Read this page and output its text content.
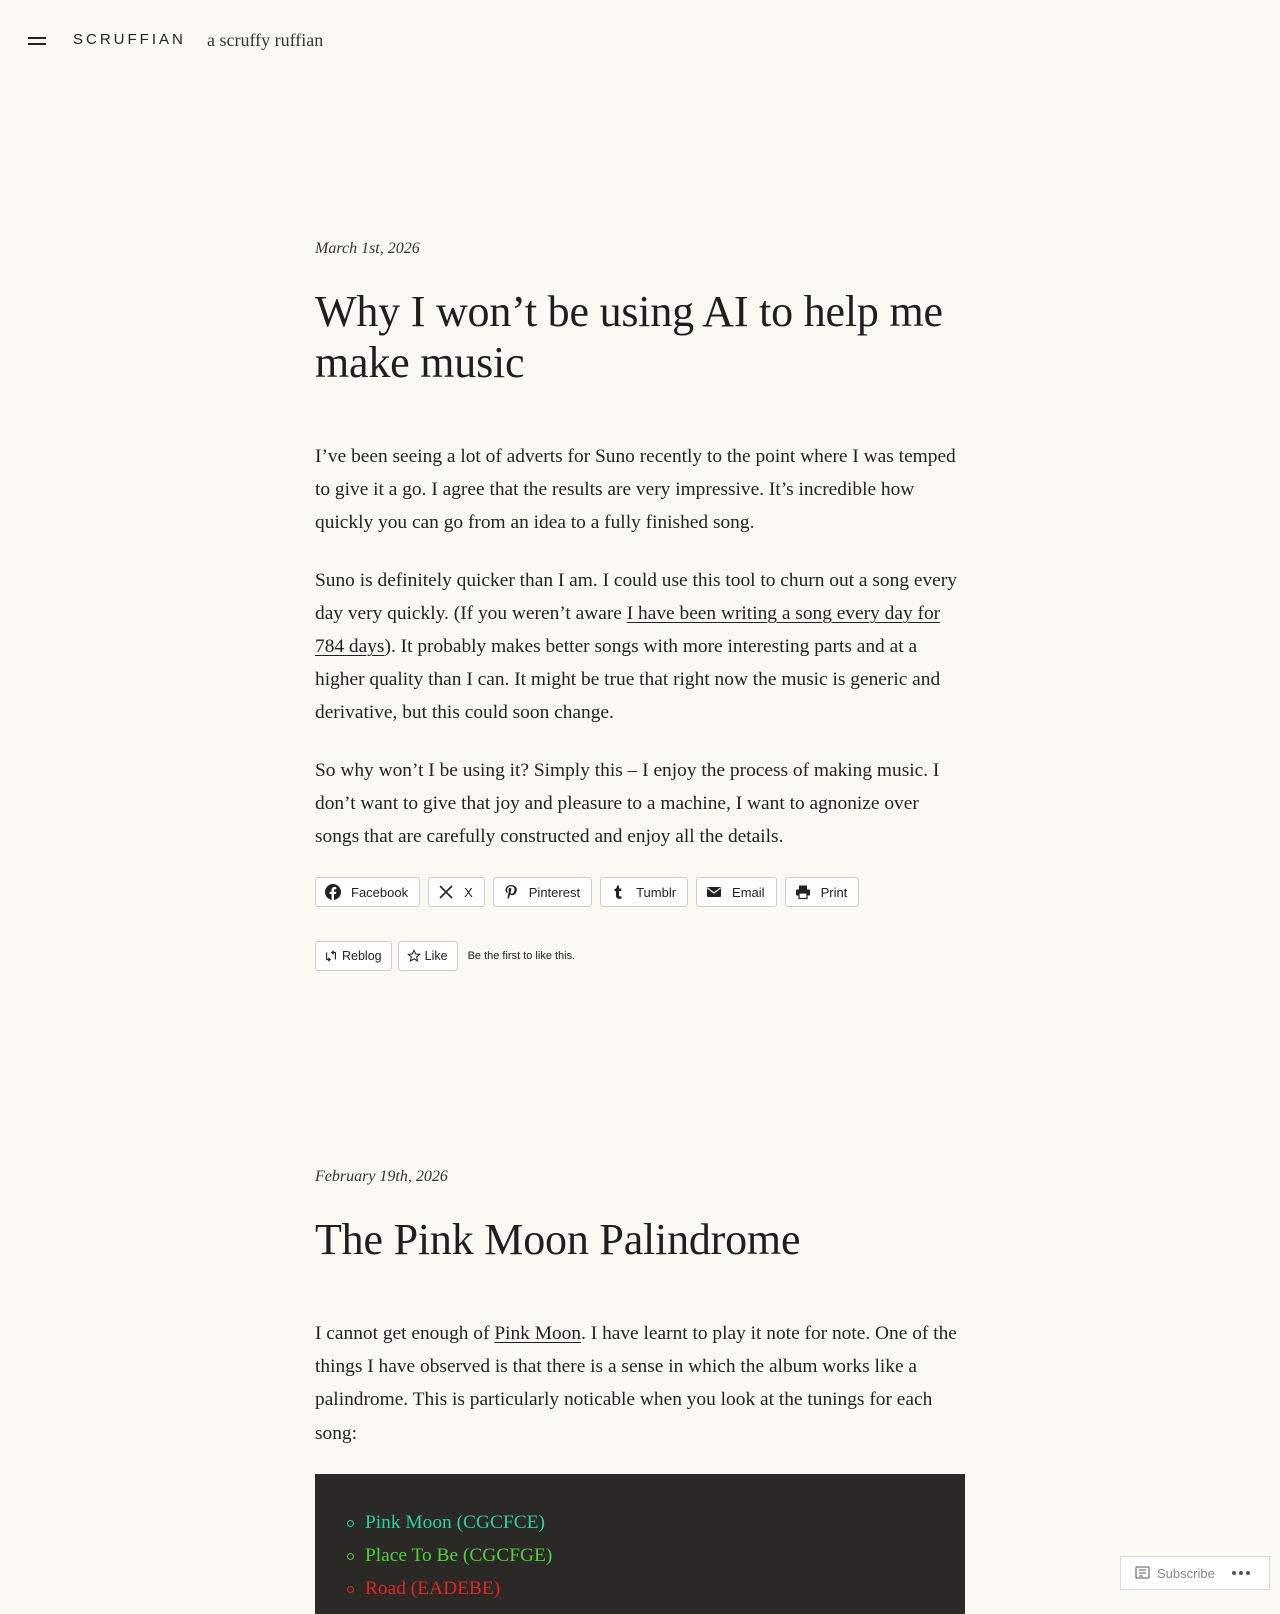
SCRUFFIAN a scruffy ruffian

March 1st, 2026

Why I won’t be using AI to help me make music

I’ve been seeing a lot of adverts for Suno recently to the point where I was temped to give it a go. I agree that the results are very impressive. It’s incredible how quickly you can go from an idea to a fully finished song.

Suno is definitely quicker than I am. I could use this tool to churn out a song every day very quickly. (If you weren’t aware I have been writing a song every day for 784 days). It probably makes better songs with more interesting parts and at a higher quality than I can. It might be true that right now the music is generic and derivative, but this could soon change.

So why won’t I be using it? Simply this – I enjoy the process of making music. I don’t want to give that joy and pleasure to a machine, I want to agnonize over songs that are carefully constructed and enjoy all the details.

Facebook	X	Pinterest	Tumblr	Email	Print
Reblog	Like Be the first to like this.

February 19th, 2026

The Pink Moon Palindrome

I cannot get enough of Pink Moon. I have learnt to play it note for note. One of the things I have observed is that there is a sense in which the album works like a palindrome. This is particularly noticable when you look at the tunings for each song:

Pink Moon (CGCFCE)
Place To Be (CGCFGE)
Road (EADEBE)
Subscribe
